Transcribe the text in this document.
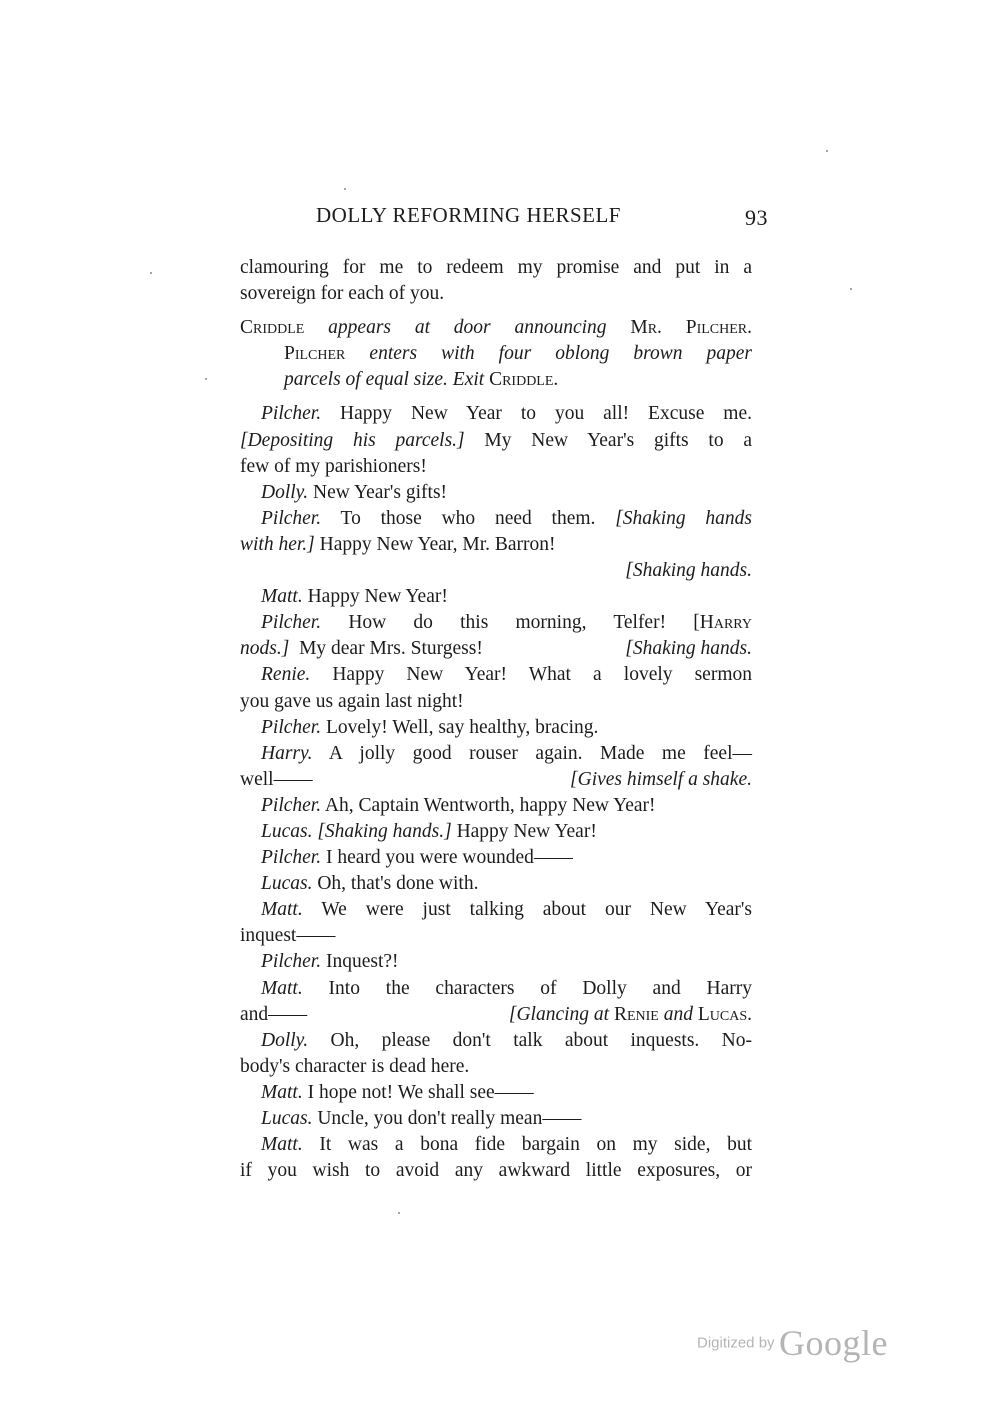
DOLLY REFORMING HERSELF	93
clamouring for me to redeem my promise and put in a
sovereign for each of you.
Criddle appears at door announcing Mr. Pilcher.
Pilcher enters with four oblong brown paper
parcels of equal size. Exit Criddle.
Pilcher. Happy New Year to you all! Excuse me.
[Depositing his parcels.] My New Year's gifts to a
few of my parishioners!
Dolly. New Year's gifts!
Pilcher. To those who need them. [Shaking hands
with her.] Happy New Year, Mr. Barron!
[Shaking hands.
Matt. Happy New Year!
Pilcher. How do this morning, Telfer! [Harry
nods.] My dear Mrs. Sturgess!	[Shaking hands.
Renie. Happy New Year! What a lovely sermon
you gave us again last night!
Pilcher. Lovely! Well, say healthy, bracing.
Harry. A jolly good rouser again. Made me feel—
well——	[Gives himself a shake.
Pilcher. Ah, Captain Wentworth, happy New Year!
Lucas. [Shaking hands.] Happy New Year!
Pilcher. I heard you were wounded——
Lucas. Oh, that's done with.
Matt. We were just talking about our New Year's
inquest——
Pilcher. Inquest?!
Matt. Into the characters of Dolly and Harry
and——	[Glancing at Renie and Lucas.
Dolly. Oh, please don't talk about inquests. No-
body's character is dead here.
Matt. I hope not! We shall see——
Lucas. Uncle, you don't really mean——
Matt. It was a bona fide bargain on my side, but
if you wish to avoid any awkward little exposures, or
Digitized by Google
